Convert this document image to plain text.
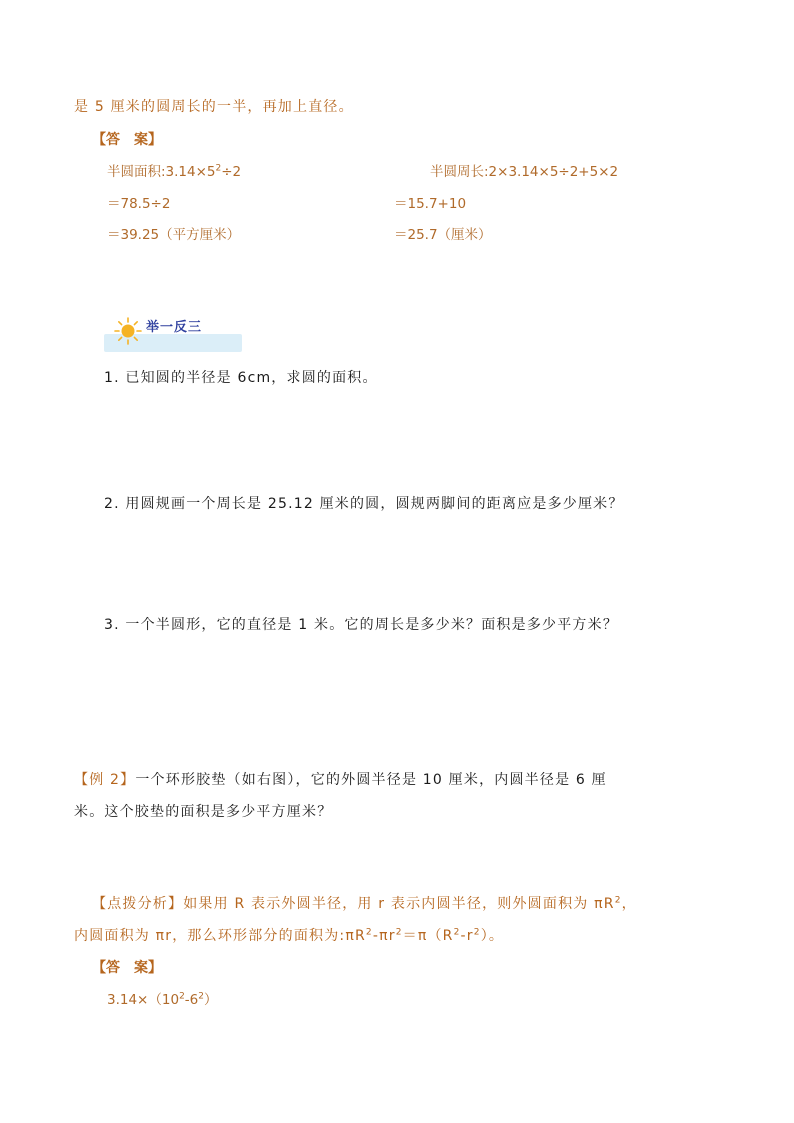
是 5 厘米的圆周长的一半，再加上直径。
【答　案】
半圆面积$:3.14\times 5^2\div 2$
＝78.5÷2
＝39.25（平方厘米）
半圆周长:2×3.14×5÷2+5×2
＝15.7+10
＝25.7（厘米）
举一反三
1. 已知圆的半径是 6cm，求圆的面积。
2. 用圆规画一个周长是 25.12 厘米的圆，圆规两脚间的距离应是多少厘米？
3. 一个半圆形，它的直径是 1 米。它的周长是多少米？面积是多少平方米？
【例 2】一个环形胶垫（如右图），它的外圆半径是 10 厘米，内圆半径是 6 厘
米。这个胶垫的面积是多少平方厘米？
【点拨分析】如果用 R 表示外圆半径，用 r 表示内圆半径，则外圆面积为 $\pi R^2$，
内圆面积为 πr，那么环形部分的面积为$:\pi R^2-\pi r^2=\pi(R^2-r^2)$。
【答　案】
$3.14\times(10^2-6^2)$
